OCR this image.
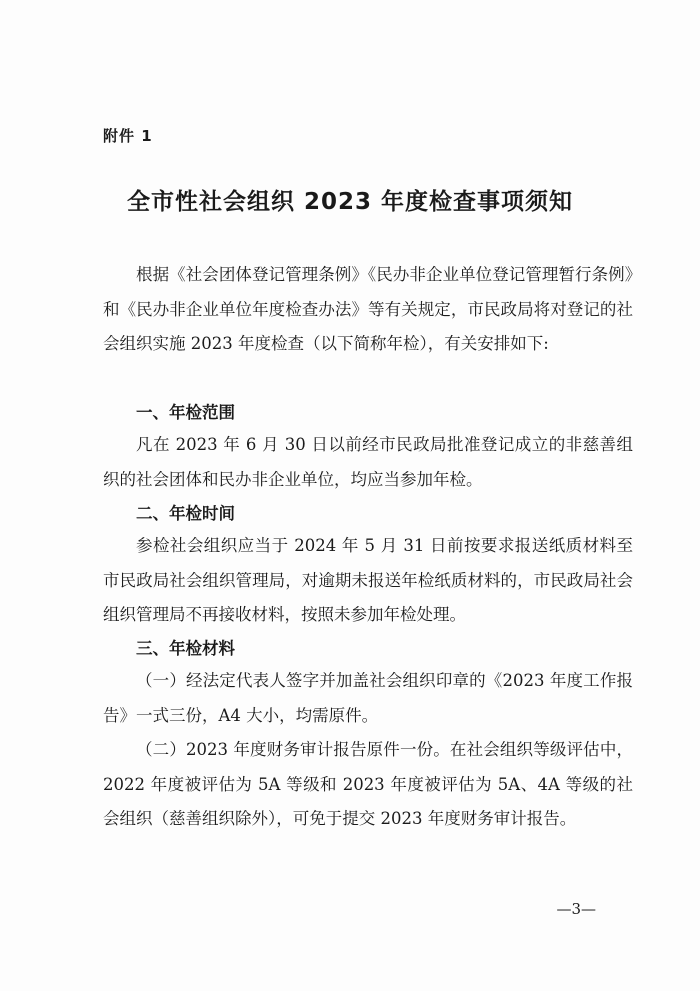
附件 1
全市性社会组织 2023 年度检查事项须知

根据《社会团体登记管理条例》《民办非企业单位登记管理暂行条例》和《民办非企业单位年度检查办法》等有关规定，市民政局将对登记的社会组织实施 2023 年度检查（以下简称年检），有关安排如下:

一、年检范围

凡在 2023 年 6 月 30 日以前经市民政局批准登记成立的非慈善组织的社会团体和民办非企业单位，均应当参加年检。

二、年检时间

参检社会组织应当于 2024 年 5 月 31 日前按要求报送纸质材料至市民政局社会组织管理局，对逾期未报送年检纸质材料的，市民政局社会组织管理局不再接收材料，按照未参加年检处理。

三、年检材料

（一）经法定代表人签字并加盖社会组织印章的《2023 年度工作报告》一式三份，A4 大小，均需原件。

（二）2023 年度财务审计报告原件一份。在社会组织等级评估中，2022 年度被评估为 5A 等级和 2023 年度被评估为 5A、4A 等级的社会组织（慈善组织除外），可免于提交 2023 年度财务审计报告。

—3—
